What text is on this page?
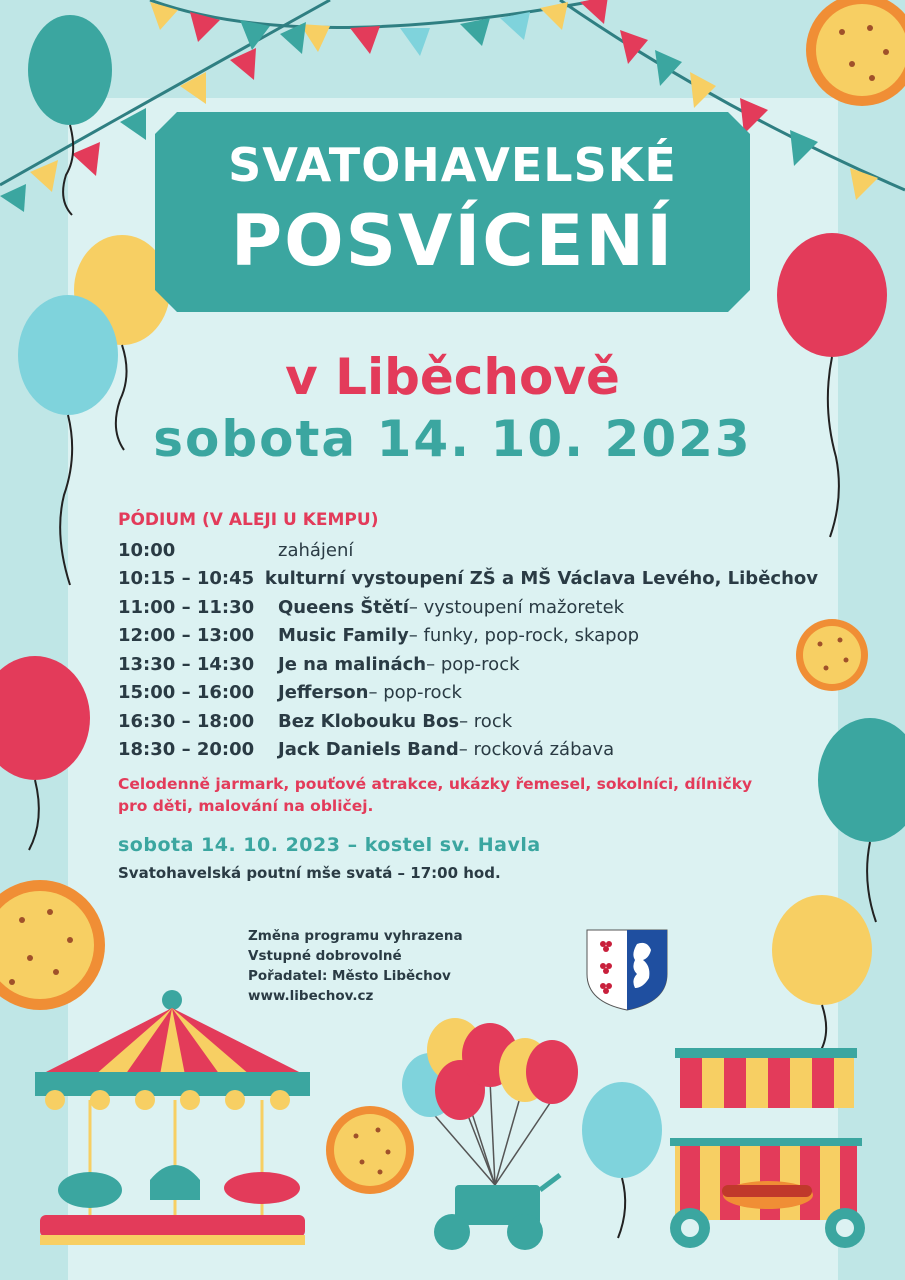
SVATOHAVELSKÉ
POSVÍCENÍ
v Liběchově
sobota 14. 10. 2023
PÓDIUM (V ALEJI U KEMPU)
10:00	zahájení
10:15 – 10:45 kulturní vystoupení ZŠ a MŠ Václava Levého, Liběchov
11:00 – 11:30	Queens Štětí – vystoupení mažoretek
12:00 – 13:00	Music Family – funky, pop-rock, skapop
13:30 – 14:30	Je na malinách – pop-rock
15:00 – 16:00	Jefferson – pop-rock
16:30 – 18:00	Bez Klobouku Bos – rock
18:30 – 20:00	Jack Daniels Band – rocková zábava
Celodenně jarmark, pouťové atrakce, ukázky řemesel, sokolníci, dílničky
pro děti, malování na obličej.
sobota 14. 10. 2023 – kostel sv. Havla
Svatohavelská poutní mše svatá – 17:00 hod.
Změna programu vyhrazena
Vstupné dobrovolné
Pořadatel: Město Liběchov
www.libechov.cz
